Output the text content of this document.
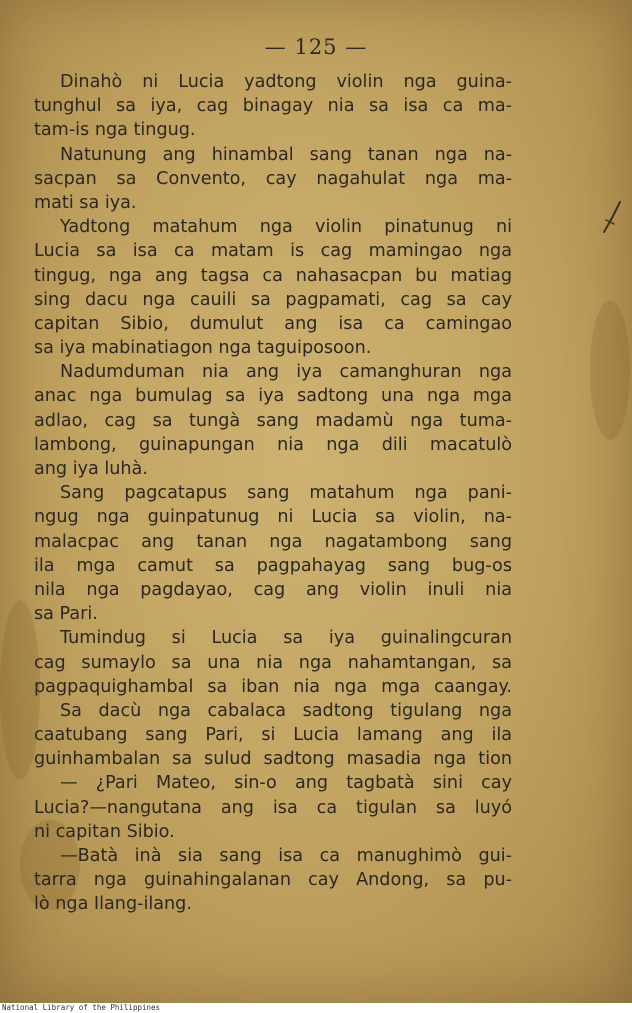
— 125 —
Dinahò ni Lucia yadtong violin nga guina-
tunghul sa iya, cag binagay nia sa isa ca ma-
tam-is nga tingug.
Natunung ang hinambal sang tanan nga na-
sacpan sa Convento, cay nagahulat nga ma-
mati sa iya.
Yadtong matahum nga violin pinatunug ni
Lucia sa isa ca matam is cag mamingao nga
tingug, nga ang tagsa ca nahasacpan bu matiag
sing dacu nga cauili sa pagpamati, cag sa cay
capitan Sibio, dumulut ang isa ca camingao
sa iya mabinatiagon nga taguiposoon.
Nadumduman nia ang iya camanghuran nga
anac nga bumulag sa iya sadtong una nga mga
adlao, cag sa tungà sang madamù nga tuma-
lambong, guinapungan nia nga dili macatulò
ang iya luhà.
Sang pagcatapus sang matahum nga pani-
ngug nga guinpatunug ni Lucia sa violin, na-
malacpac ang tanan nga nagatambong sang
ila mga camut sa pagpahayag sang bug-os
nila nga pagdayao, cag ang violin inuli nia
sa Pari.
Tumindug si Lucia sa iya guinalingcuran
cag sumaylo sa una nia nga nahamtangan, sa
pagpaquighambal sa iban nia nga mga caangay.
Sa dacù nga cabalaca sadtong tigulang nga
caatubang sang Pari, si Lucia lamang ang ila
guinhambalan sa sulud sadtong masadia nga tion
— ¿Pari Mateo, sin-o ang tagbatà sini cay
Lucia?—nangutana ang isa ca tigulan sa luyó
ni capitan Sibio.
—Batà inà sia sang isa ca manughimò gui-
tarra nga guinahingalanan cay Andong, sa pu-
lò nga Ilang-ilang.
National Library of the Philippines
